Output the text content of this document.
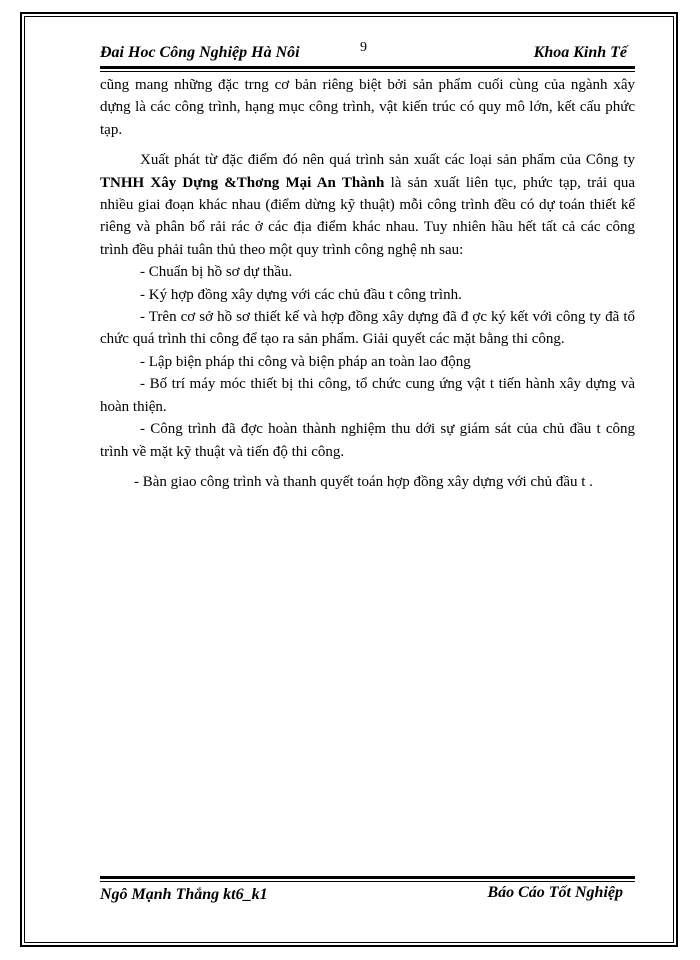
Đai Hoc Công Nghiệp Hà Nôi	9	Khoa Kinh Tế

cũng mang những đặc trng cơ bản riêng biệt bởi sản phẩm cuối cùng của ngành xây dựng là các công trình, hạng mục công trình, vật kiến trúc có quy mô lớn, kết cấu phức tạp.

Xuất phát từ đặc điểm đó nên quá trình sản xuất các loại sản phẩm của Công ty TNHH Xây Dựng &Thơng Mại An Thành là sản xuất liên tục, phức tạp, trải qua nhiều giai đoạn khác nhau (điểm dừng kỹ thuật) mỗi công trình đều có dự toán thiết kế riêng và phân bổ rải rác ở các địa điểm khác nhau. Tuy nhiên hầu hết tất cả các công trình đều phải tuân thủ theo một quy trình công nghệ nh sau:

- Chuẩn bị hồ sơ dự thầu.

- Ký hợp đồng xây dựng với các chủ đầu t công trình.

- Trên cơ sở hồ sơ thiết kế và hợp đồng xây dựng đã đ ợc ký kết với công ty đã tổ chức quá trình thi công để tạo ra sản phẩm. Giải quyết các mặt bằng thi công.

- Lập biện pháp thi công và biện pháp an toàn lao động

- Bố trí máy móc thiết bị thi công, tổ chức cung ứng vật t tiến hành xây dựng và hoàn thiện.

- Công trình đã đợc hoàn thành nghiệm thu dới sự giám sát của chủ đầu t công trình về mặt kỹ thuật và tiến độ thi công.

- Bàn giao công trình và thanh quyết toán hợp đồng xây dựng với chủ đầu t .

Ngô Mạnh Thắng kt6_k1	Báo Cáo Tốt Nghiệp
